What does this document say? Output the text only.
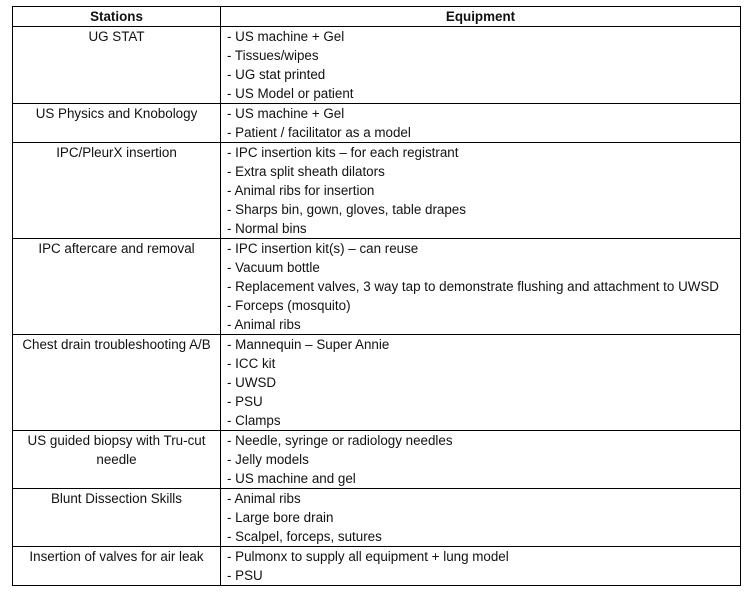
Stations	Equipment
UG STAT	- US machine + Gel
- Tissues/wipes
- UG stat printed
- US Model or patient

US Physics and Knobology	- US machine + Gel
- Patient / facilitator as a model

IPC/PleurX insertion	- IPC insertion kits – for each registrant
- Extra split sheath dilators
- Animal ribs for insertion
- Sharps bin, gown, gloves, table drapes
- Normal bins

IPC aftercare and removal	- IPC insertion kit(s) – can reuse
- Vacuum bottle
- Replacement valves, 3 way tap to demonstrate flushing and attachment to UWSD
- Forceps (mosquito)
- Animal ribs

Chest drain troubleshooting A/B	- Mannequin – Super Annie
- ICC kit
- UWSD
- PSU
- Clamps

US guided biopsy with Tru-cut needle	- Needle, syringe or radiology needles
- Jelly models
- US machine and gel

Blunt Dissection Skills	- Animal ribs
- Large bore drain
- Scalpel, forceps, sutures

Insertion of valves for air leak	- Pulmonx to supply all equipment + lung model
- PSU
